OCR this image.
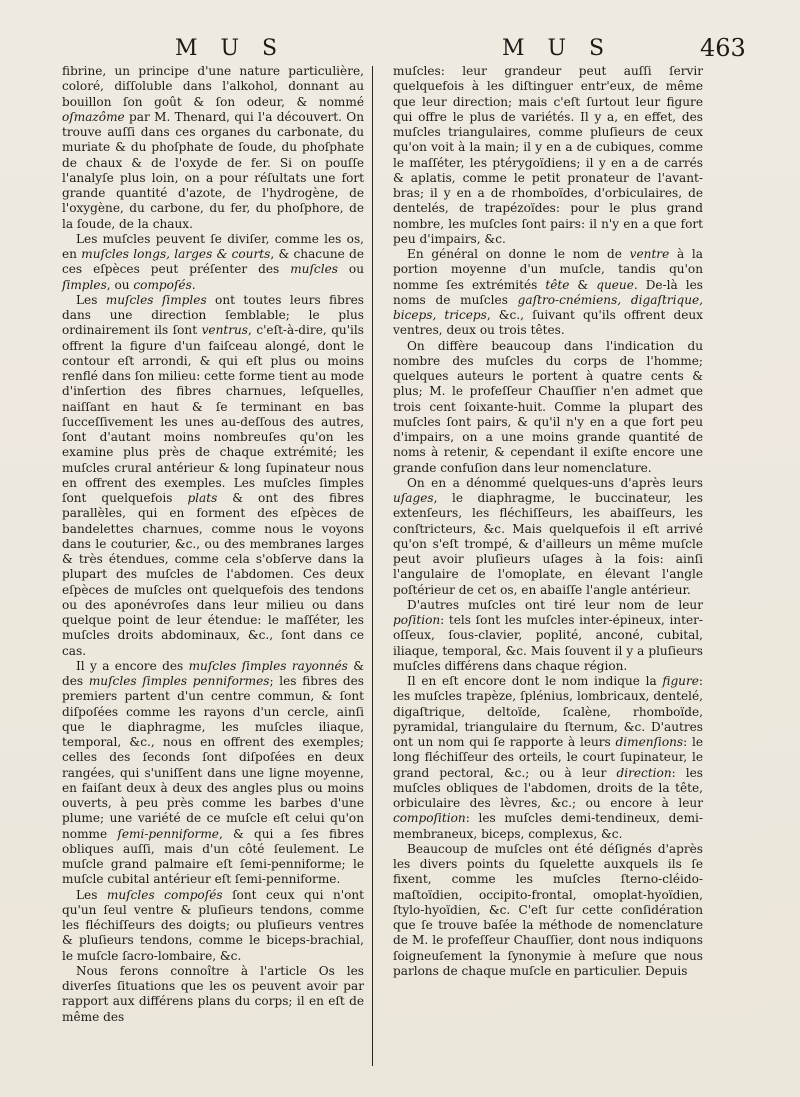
M U S	M U S	463

fibrine, un principe d'une nature particulière, coloré, diſſoluble dans l'alkohol, donnant au bouillon ſon goût & ſon odeur, & nommé oſmazôme par M. Thenard, qui l'a découvert. On trouve auſſi dans ces organes du carbonate, du muriate & du phoſphate de ſoude, du phoſphate de chaux & de l'oxyde de fer. Si on pouſſe l'analyſe plus loin, on a pour réſultats une fort grande quantité d'azote, de l'hydrogène, de l'oxygène, du carbone, du fer, du phoſphore, de la ſoude, de la chaux.

Les muſcles peuvent ſe diviſer, comme les os, en muſcles longs, larges & courts, & chacune de ces eſpèces peut préſenter des muſcles ou ſimples, ou compoſés.

Les muſcles ſimples ont toutes leurs fibres dans une direction ſemblable; le plus ordinairement ils ſont ventrus, c'eſt-à-dire, qu'ils offrent la figure d'un faiſceau alongé, dont le contour eſt arrondi, & qui eſt plus ou moins renflé dans ſon milieu: cette forme tient au mode d'inſertion des fibres charnues, leſquelles, naiſſant en haut & ſe terminant en bas ſucceſſivement les unes au-deſſous des autres, ſont d'autant moins nombreuſes qu'on les examine plus près de chaque extrémité; les muſcles crural antérieur & long ſupinateur nous en offrent des exemples. Les muſcles ſimples ſont quelquefois plats & ont des fibres parallèles, qui en forment des eſpèces de bandelettes charnues, comme nous le voyons dans le couturier, &c., ou des membranes larges & très étendues, comme cela s'obſerve dans la plupart des muſcles de l'abdomen. Ces deux eſpèces de muſcles ont quelquefois des tendons ou des aponévroſes dans leur milieu ou dans quelque point de leur étendue: le maſſéter, les muſcles droits abdominaux, &c., ſont dans ce cas.

Il y a encore des muſcles ſimples rayonnés & des muſcles ſimples penniformes; les fibres des premiers partent d'un centre commun, & ſont diſpoſées comme les rayons d'un cercle, ainſi que le diaphragme, les muſcles iliaque, temporal, &c., nous en offrent des exemples; celles des ſeconds ſont diſpoſées en deux rangées, qui s'uniſſent dans une ligne moyenne, en faiſant deux à deux des angles plus ou moins ouverts, à peu près comme les barbes d'une plume; une variété de ce muſcle eſt celui qu'on nomme ſemi-penniforme, & qui a ſes fibres obliques auſſi, mais d'un côté ſeulement. Le muſcle grand palmaire eſt ſemi-penniforme; le muſcle cubital antérieur eſt ſemi-penniforme.

Les muſcles compoſés ſont ceux qui n'ont qu'un ſeul ventre & pluſieurs tendons, comme les fléchiſſeurs des doigts; ou pluſieurs ventres & pluſieurs tendons, comme le biceps-brachial, le muſcle ſacro-lombaire, &c.

Nous ferons connoître à l'article Os les diverſes ſituations que les os peuvent avoir par rapport aux différens plans du corps; il en eſt de même des

muſcles: leur grandeur peut auſſi ſervir quelquefois à les diſtinguer entr'eux, de même que leur direction; mais c'eſt ſurtout leur figure qui offre le plus de variétés. Il y a, en effet, des muſcles triangulaires, comme pluſieurs de ceux qu'on voit à la main; il y en a de cubiques, comme le maſſéter, les ptérygoïdiens; il y en a de carrés & aplatis, comme le petit pronateur de l'avant-bras; il y en a de rhomboïdes, d'orbiculaires, de dentelés, de trapézoïdes: pour le plus grand nombre, les muſcles ſont pairs: il n'y en a que fort peu d'impairs, &c.

En général on donne le nom de ventre à la portion moyenne d'un muſcle, tandis qu'on nomme ſes extrémités tête & queue. De-là les noms de muſcles gaſtro-cnémiens, digaſtrique, biceps, triceps, &c., ſuivant qu'ils offrent deux ventres, deux ou trois têtes.

On diffère beaucoup dans l'indication du nombre des muſcles du corps de l'homme; quelques auteurs le portent à quatre cents & plus; M. le profeſſeur Chauſſier n'en admet que trois cent ſoixante-huit. Comme la plupart des muſcles ſont pairs, & qu'il n'y en a que fort peu d'impairs, on a une moins grande quantité de noms à retenir, & cependant il exiſte encore une grande confuſion dans leur nomenclature.

On en a dénommé quelques-uns d'après leurs uſages, le diaphragme, le buccinateur, les extenſeurs, les fléchiſſeurs, les abaiſſeurs, les conſtricteurs, &c. Mais quelquefois il eſt arrivé qu'on s'eſt trompé, & d'ailleurs un même muſcle peut avoir pluſieurs uſages à la fois: ainſi l'angulaire de l'omoplate, en élevant l'angle poſtérieur de cet os, en abaiſſe l'angle antérieur.

D'autres muſcles ont tiré leur nom de leur poſition: tels ſont les muſcles inter-épineux, inter-oſſeux, ſous-clavier, poplité, anconé, cubital, iliaque, temporal, &c. Mais ſouvent il y a pluſieurs muſcles différens dans chaque région.

Il en eſt encore dont le nom indique la figure: les muſcles trapèze, ſplénius, lombricaux, dentelé, digaſtrique, deltoïde, ſcalène, rhomboïde, pyramidal, triangulaire du ſternum, &c. D'autres ont un nom qui ſe rapporte à leurs dimenſions: le long fléchiſſeur des orteils, le court ſupinateur, le grand pectoral, &c.; ou à leur direction: les muſcles obliques de l'abdomen, droits de la tête, orbiculaire des lèvres, &c.; ou encore à leur compoſition: les muſcles demi-tendineux, demi-membraneux, biceps, complexus, &c.

Beaucoup de muſcles ont été déſignés d'après les divers points du ſquelette auxquels ils ſe fixent, comme les muſcles ſterno-cléido-maſtoïdien, occipito-frontal, omoplat-hyoïdien, ſtylo-hyoïdien, &c. C'eſt ſur cette conſidération que ſe trouve baſée la méthode de nomenclature de M. le profeſſeur Chauſſier, dont nous indiquons ſoigneuſement la ſynonymie à meſure que nous parlons de chaque muſcle en particulier. Depuis
